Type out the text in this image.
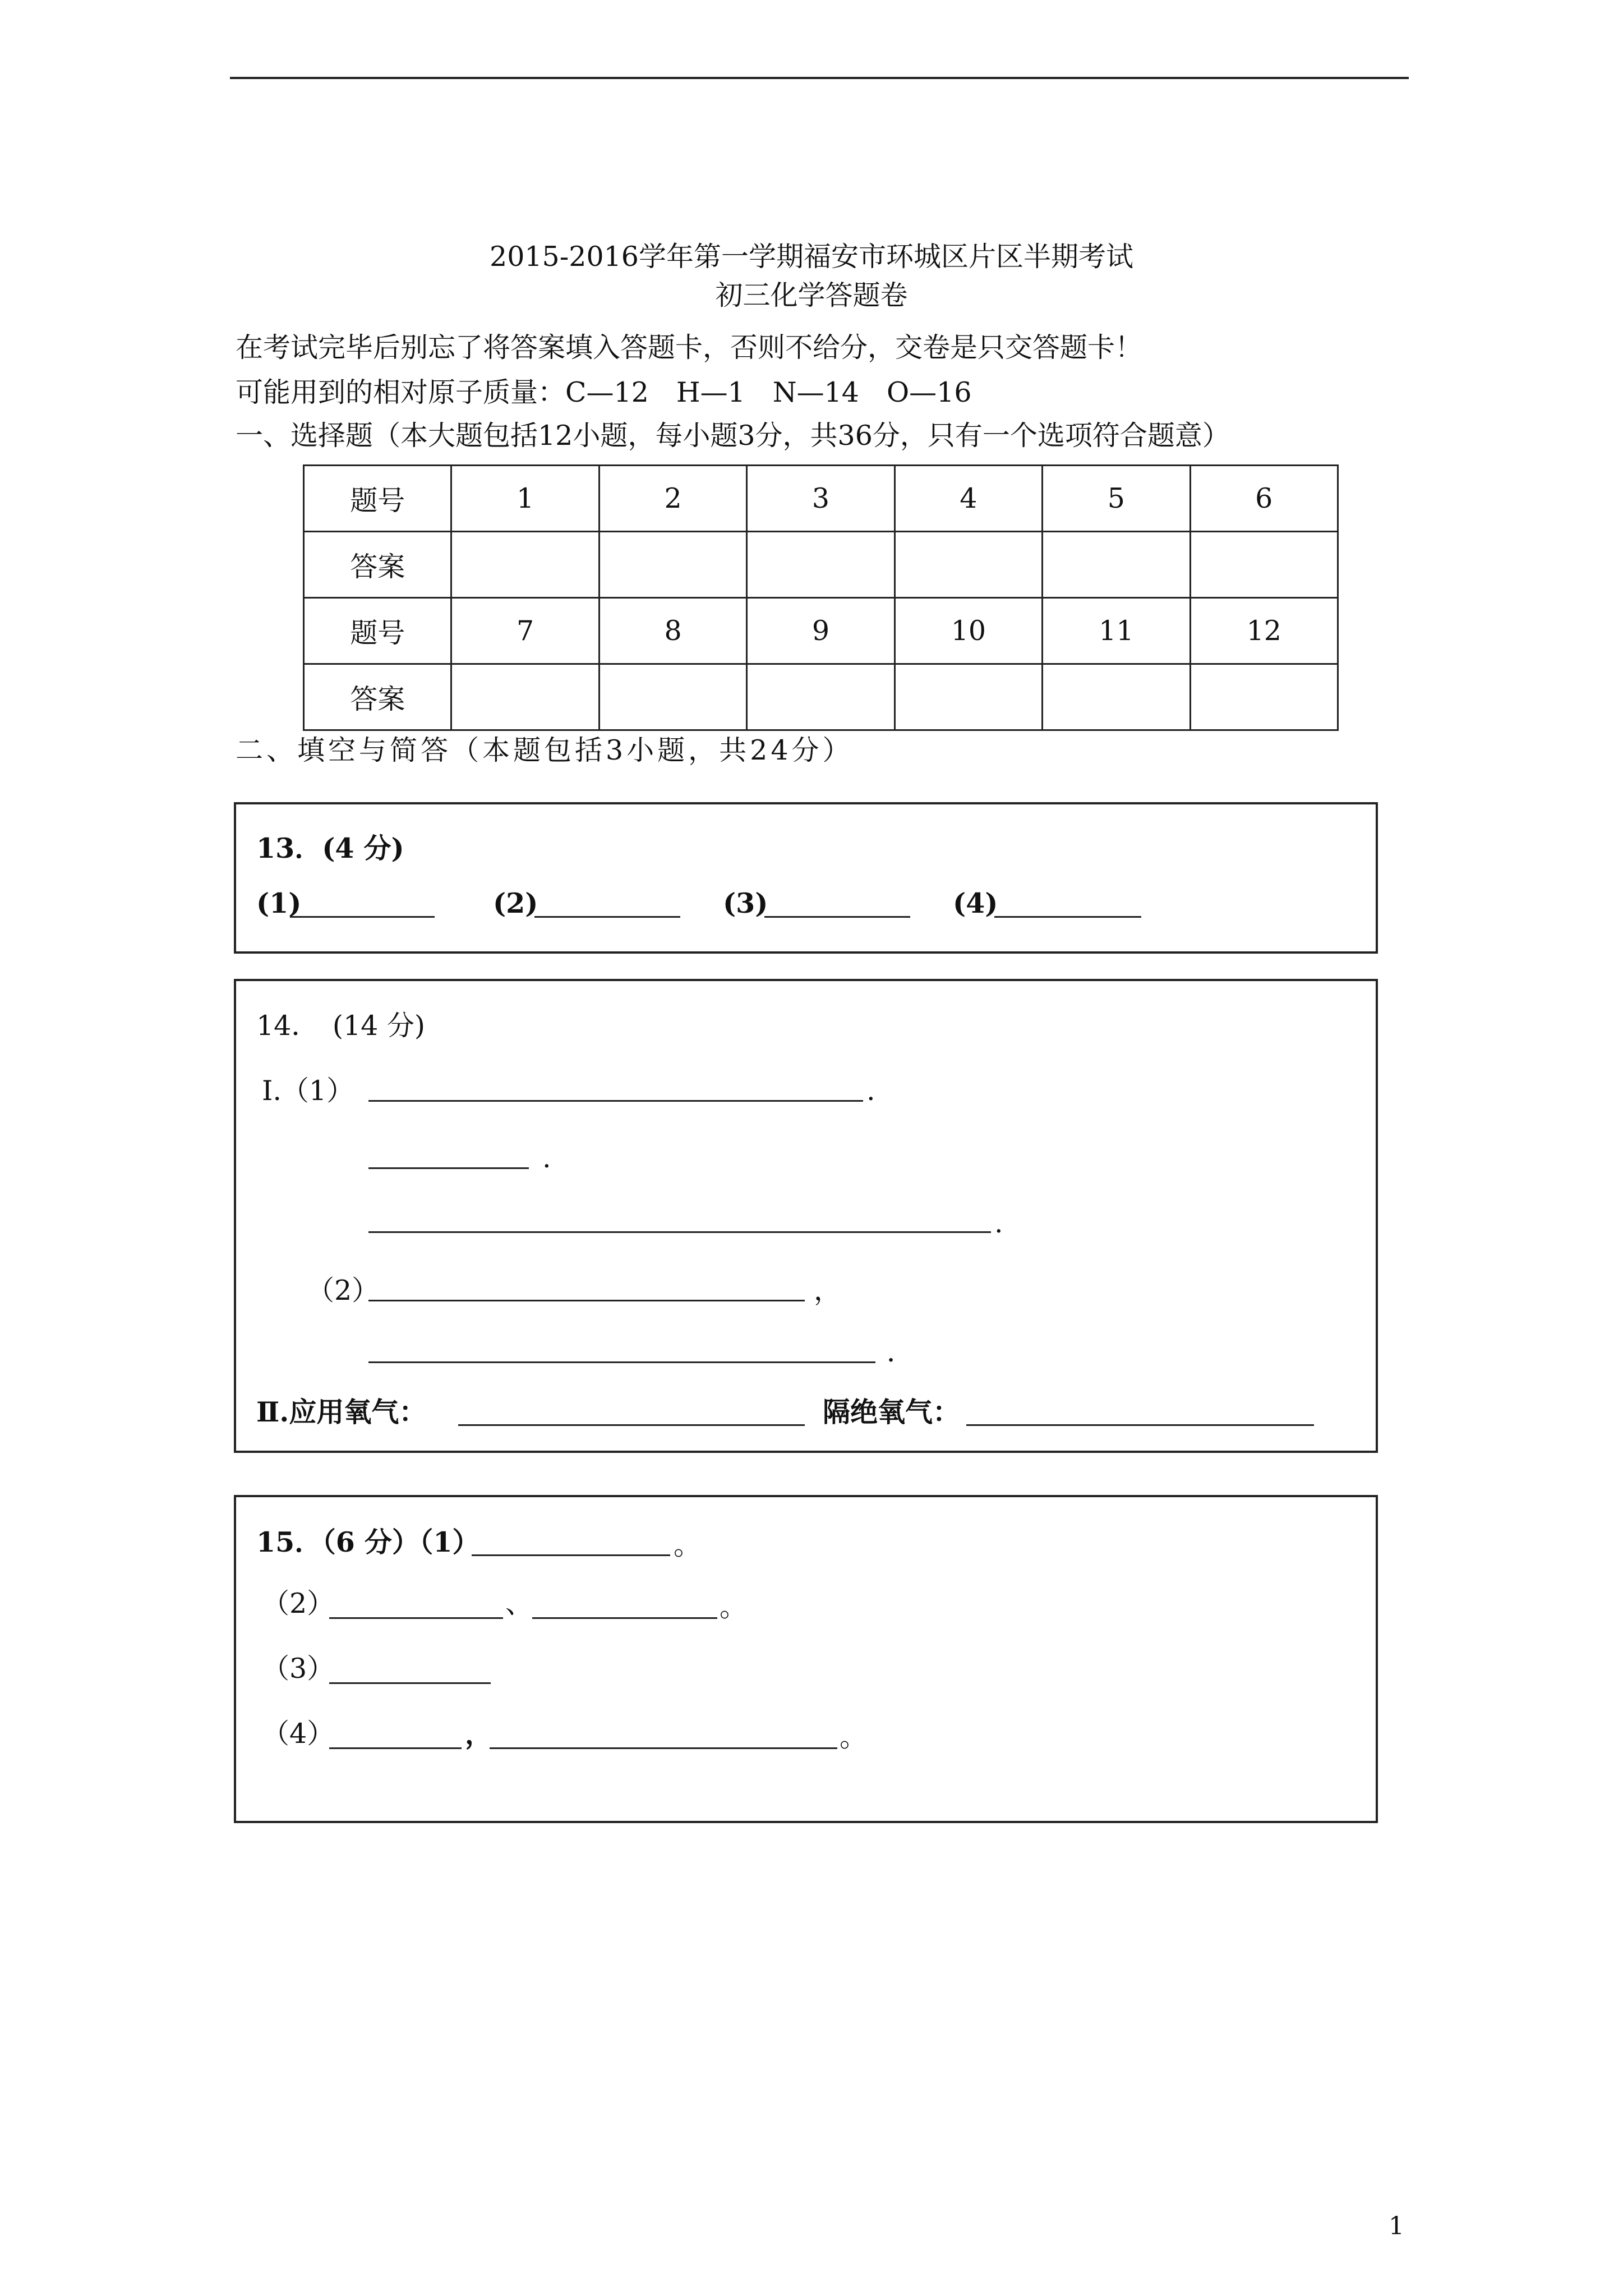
2015-2016学年第一学期福安市环城区片区半期考试
初三化学答题卷
在考试完毕后别忘了将答案填入答题卡，否则不给分，交卷是只交答题卡！
可能用到的相对原子质量：C—12　H—1　N—14　O—16
一、选择题（本大题包括12小题，每小题3分，共36分，只有一个选项符合题意）
题号	1	2	3	4	5	6
答案						
题号	7	8	9	10	11	12
答案						
二、填空与简答（本题包括3小题，共24分）
13．(4 分)
(1)	(2)	(3)	(4)
14．　(14 分)
Ⅰ.（1）	.
.
.
（2）	，
．
Ⅱ.应用氧气：	隔绝氧气：
15．（6 分）（1）	。
（2）	、	。
（3）
（4）	，	。
1
